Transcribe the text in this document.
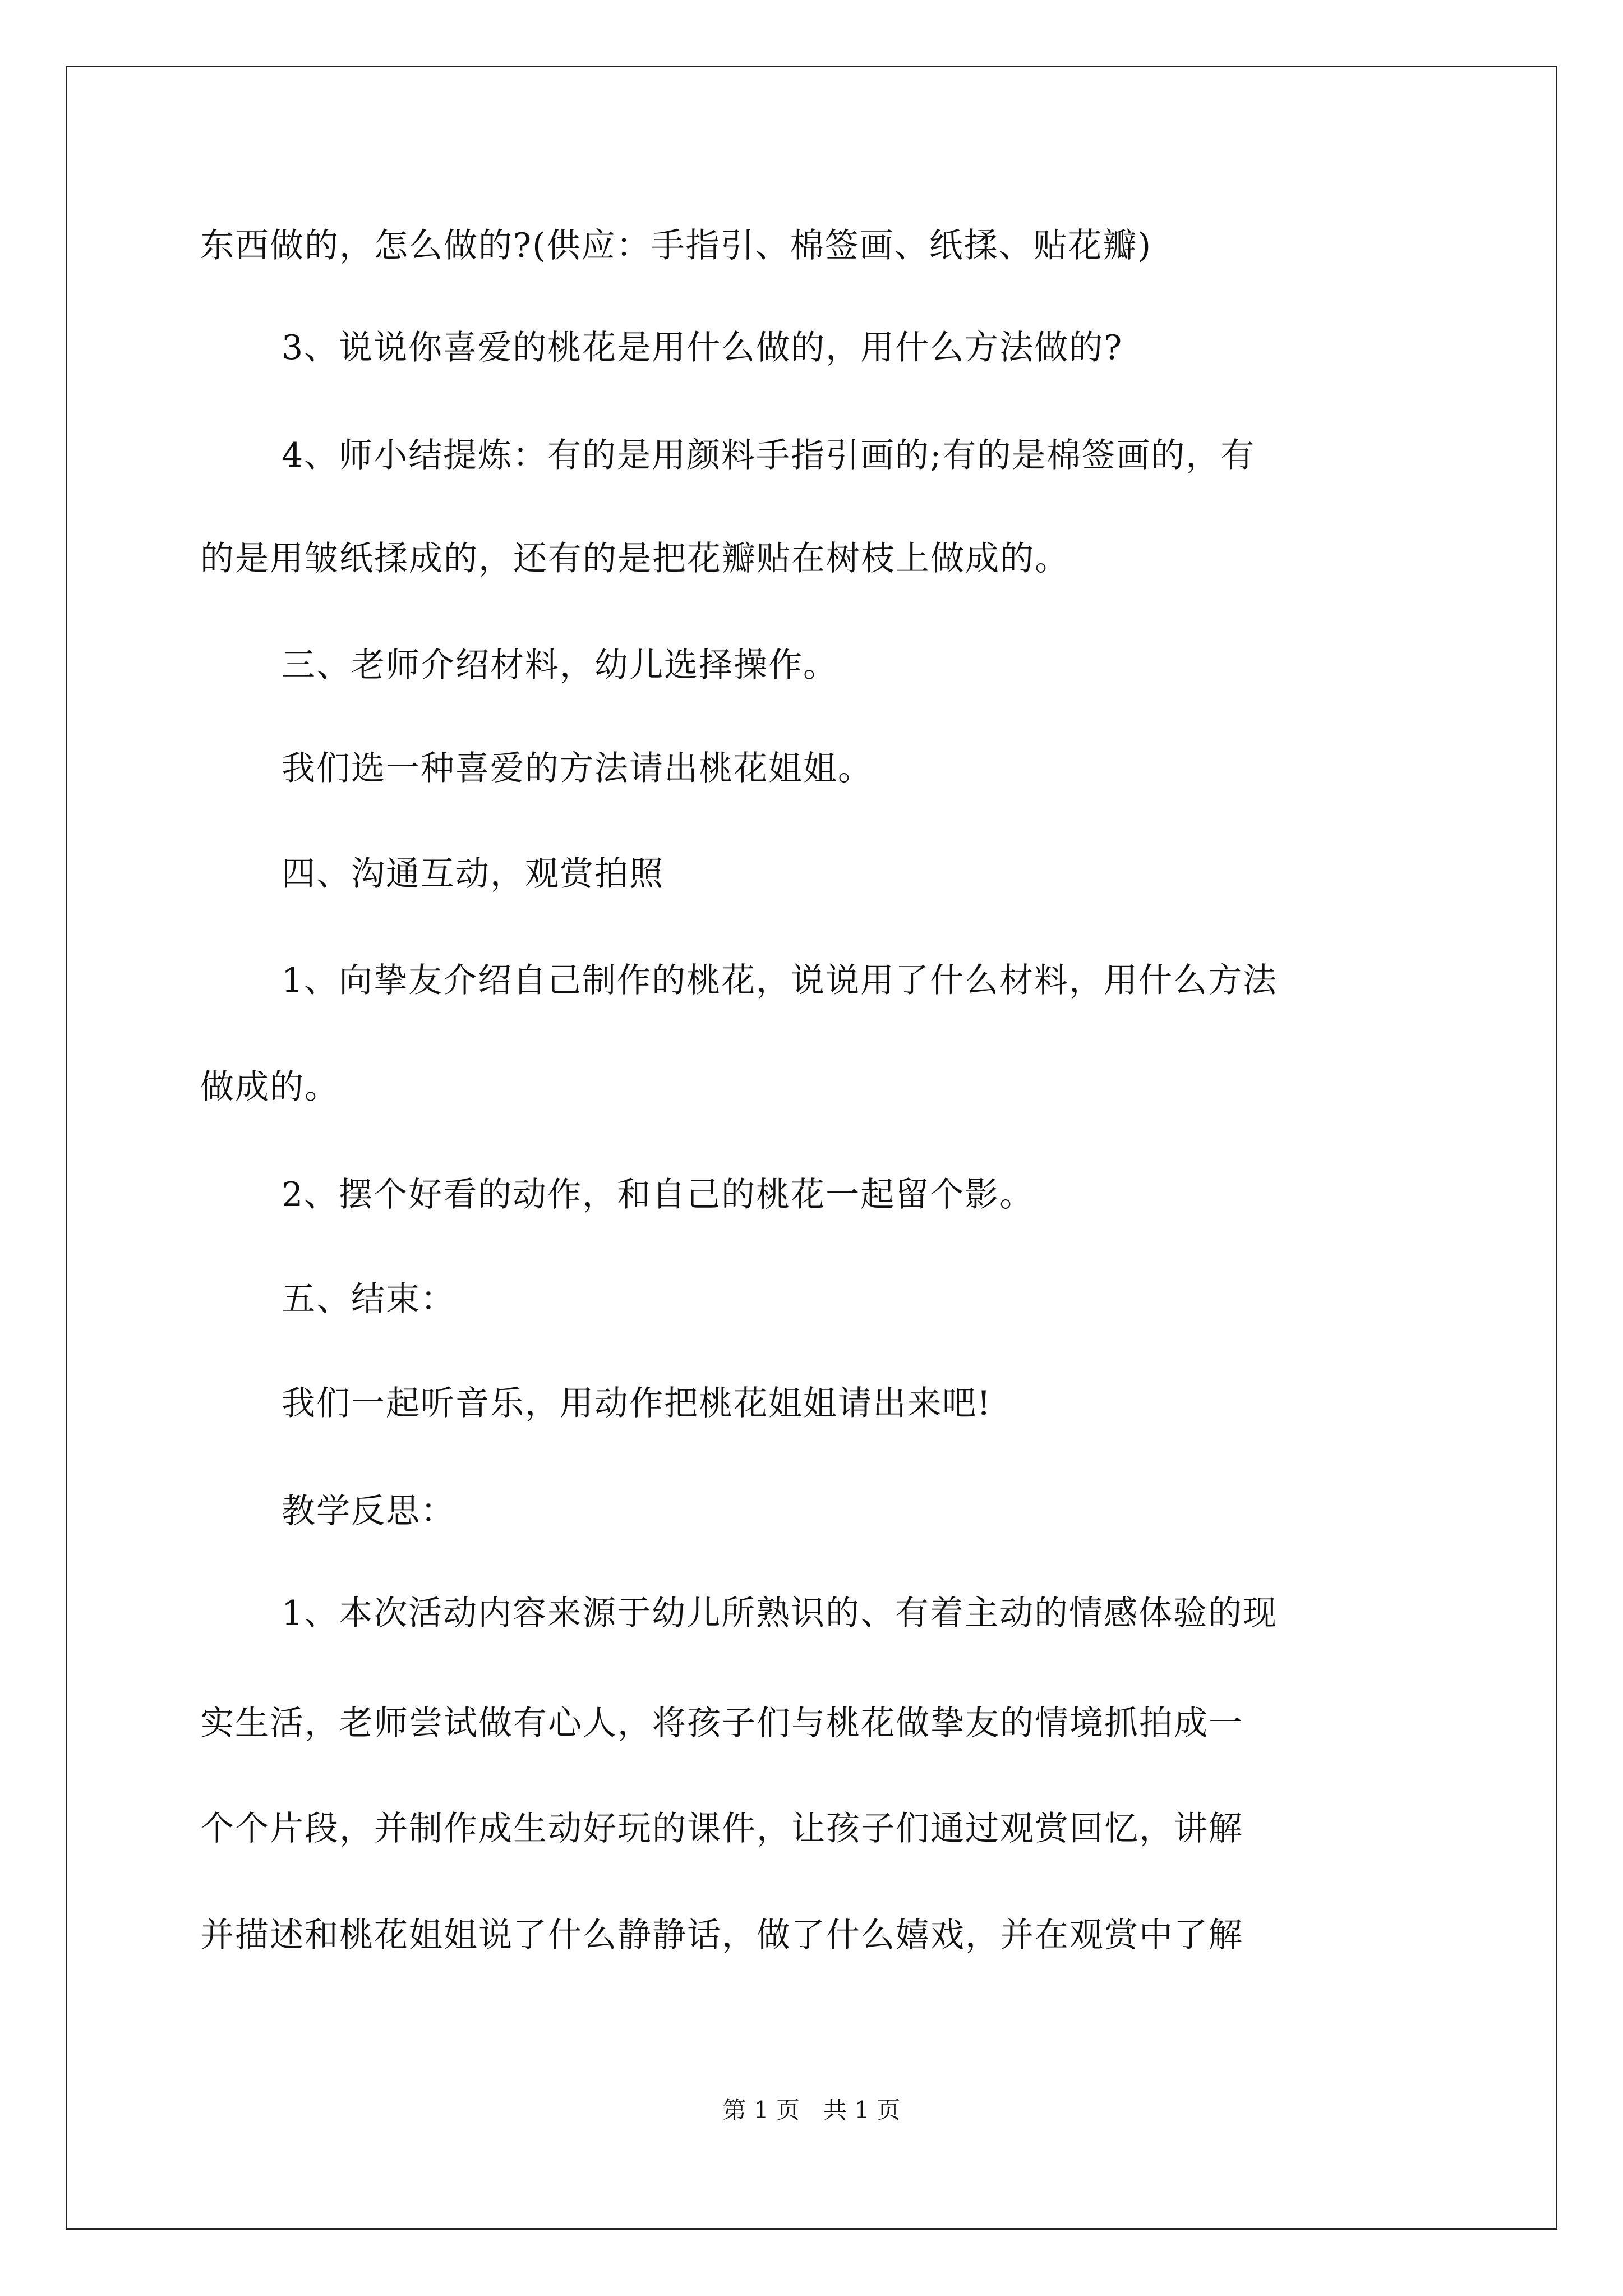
东西做的，怎么做的?(供应：手指引、棉签画、纸揉、贴花瓣)

3、说说你喜爱的桃花是用什么做的，用什么方法做的?

4、师小结提炼：有的是用颜料手指引画的;有的是棉签画的，有

的是用皱纸揉成的，还有的是把花瓣贴在树枝上做成的。

三、老师介绍材料，幼儿选择操作。

我们选一种喜爱的方法请出桃花姐姐。

四、沟通互动，观赏拍照

1、向挚友介绍自己制作的桃花，说说用了什么材料，用什么方法

做成的。

2、摆个好看的动作，和自己的桃花一起留个影。

五、结束：

我们一起听音乐，用动作把桃花姐姐请出来吧!

教学反思：

1、本次活动内容来源于幼儿所熟识的、有着主动的情感体验的现

实生活，老师尝试做有心人，将孩子们与桃花做挚友的情境抓拍成一

个个片段，并制作成生动好玩的课件，让孩子们通过观赏回忆，讲解

并描述和桃花姐姐说了什么静静话，做了什么嬉戏，并在观赏中了解

第 1 页　共 1 页
